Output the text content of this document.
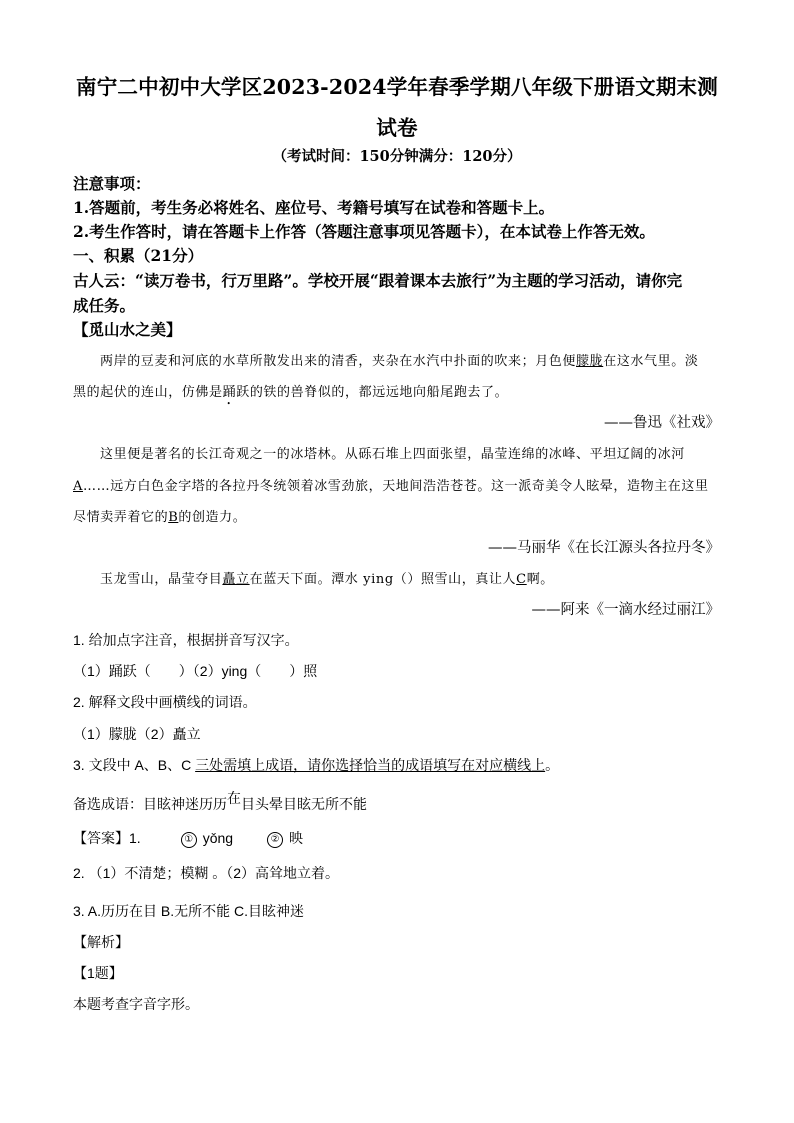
南宁二中初中大学区2023-2024学年春季学期八年级下册语文期末测
试卷
（考试时间：150分钟满分：120分）
注意事项：
1.答题前，考生务必将姓名、座位号、考籍号填写在试卷和答题卡上。
2.考生作答时，请在答题卡上作答（答题注意事项见答题卡），在本试卷上作答无效。
一、积累（21分）
古人云：“读万卷书，行万里路”。学校开展“跟着课本去旅行”为主题的学习活动，请你完
成任务。
【觅山水之美】
两岸的豆麦和河底的水草所散发出来的清香，夹杂在水汽中扑面的吹来；月色便朦胧在这水气里。淡
黑的起伏的连山，仿佛是踊跃的铁的兽脊似的，都远远地向船尾跑去了。
——鲁迅《社戏》
这里便是著名的长江奇观之一的冰塔林。从砾石堆上四面张望，晶莹连绵的冰峰、平坦辽阔的冰河
A……远方白色金字塔的各拉丹冬统领着冰雪劲旅，天地间浩浩苍苍。这一派奇美令人眩晕，造物主在这里
尽情卖弄着它的B的创造力。
——马丽华《在长江源头各拉丹冬》
玉龙雪山，晶莹夺目矗立在蓝天下面。潭水 ying（）照雪山，真让人C啊。
——阿来《一滴水经过丽江》
1. 给加点字注音，根据拼音写汉字。
（1）踊跃（　　）（2）ying（　　）照
2. 解释文段中画横线的词语。
（1）朦胧（2）矗立
3. 文段中 A、B、C 三处需填上成语，请你选择恰当的成语填写在对应横线上。
备选成语：目眩神迷历历在目头晕目眩无所不能
【答案】1.	① yǒng	② 映
2. （1）不清楚；模糊 。（2）高耸地立着。
3. A.历历在目 B.无所不能 C.目眩神迷
【解析】
【1题】
本题考查字音字形。
